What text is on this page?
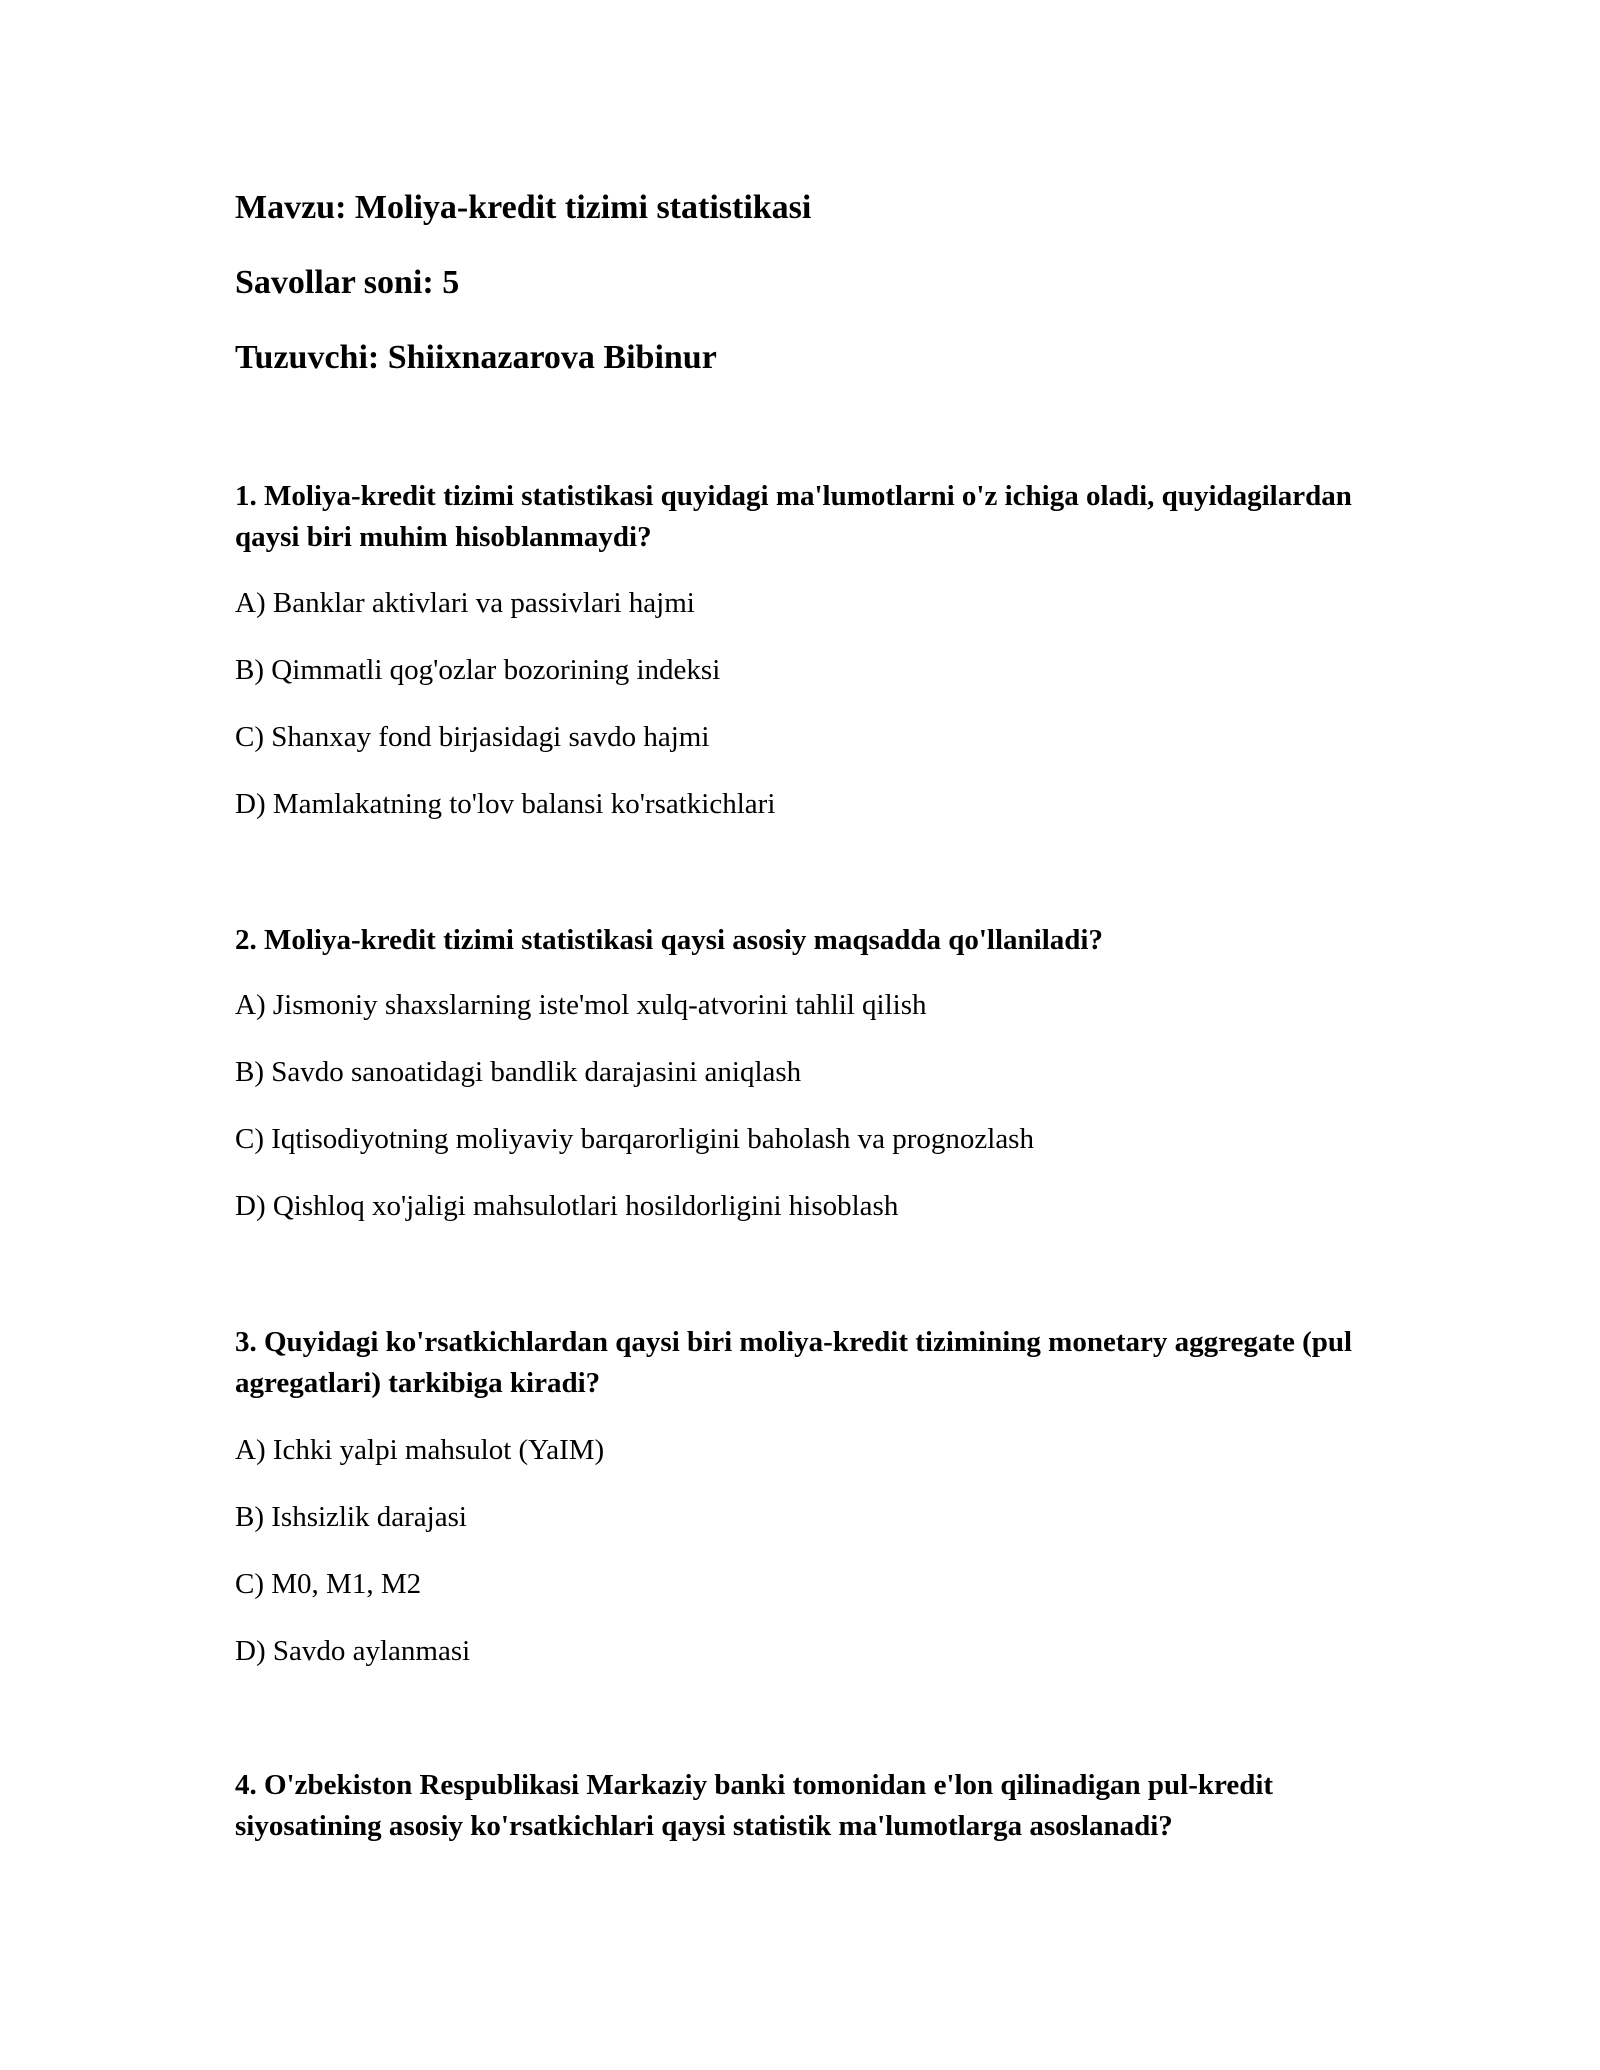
Mavzu: Moliya-kredit tizimi statistikasi
Savollar soni: 5
Tuzuvchi: Shiixnazarova Bibinur

1. Moliya-kredit tizimi statistikasi quyidagi ma'lumotlarni o'z ichiga oladi, quyidagilardan qaysi biri muhim hisoblanmaydi?

A) Banklar aktivlari va passivlari hajmi
B) Qimmatli qog'ozlar bozorining indeksi
C) Shanxay fond birjasidagi savdo hajmi
D) Mamlakatning to'lov balansi ko'rsatkichlari

2. Moliya-kredit tizimi statistikasi qaysi asosiy maqsadda qo'llaniladi?

A) Jismoniy shaxslarning iste'mol xulq-atvorini tahlil qilish
B) Savdo sanoatidagi bandlik darajasini aniqlash
C) Iqtisodiyotning moliyaviy barqarorligini baholash va prognozlash
D) Qishloq xo'jaligi mahsulotlari hosildorligini hisoblash

3. Quyidagi ko'rsatkichlardan qaysi biri moliya-kredit tizimining monetary aggregate (pul agregatlari) tarkibiga kiradi?

A) Ichki yalpi mahsulot (YaIM)
B) Ishsizlik darajasi
C) M0, M1, M2
D) Savdo aylanmasi

4. O'zbekiston Respublikasi Markaziy banki tomonidan e'lon qilinadigan pul-kredit siyosatining asosiy ko'rsatkichlari qaysi statistik ma'lumotlarga asoslanadi?
